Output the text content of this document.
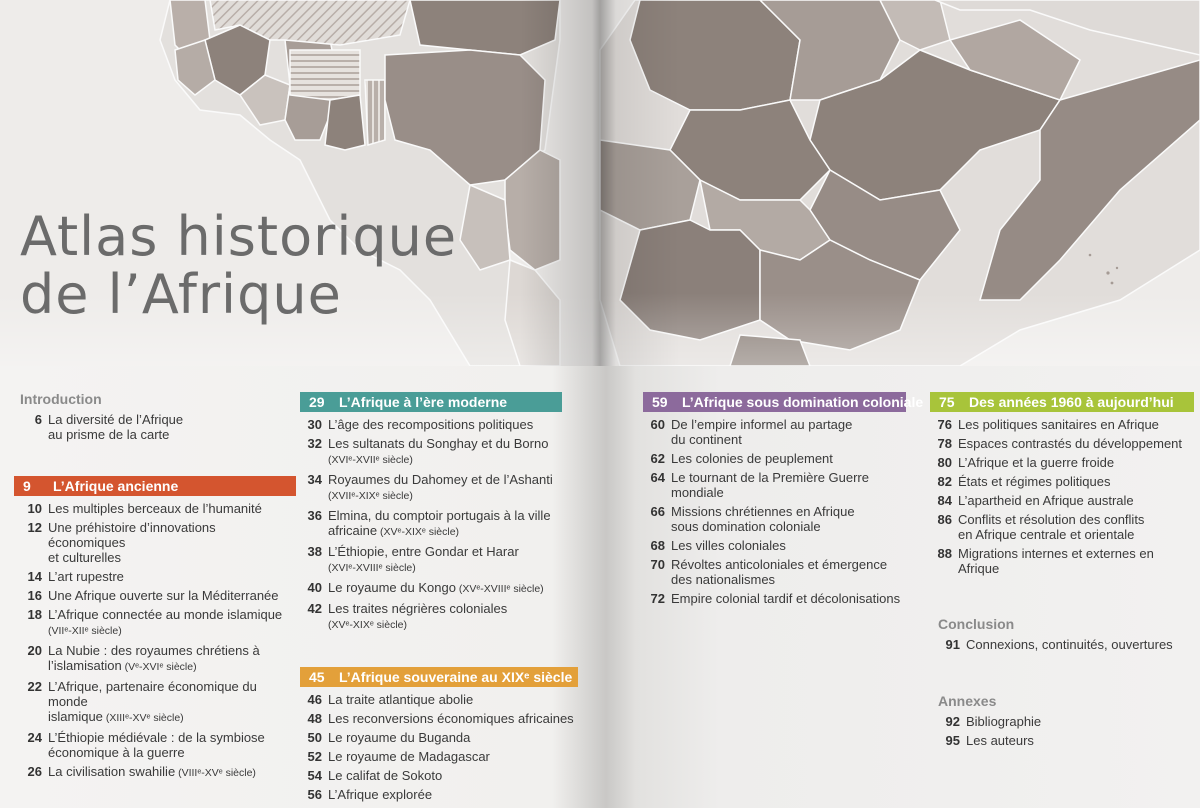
Atlas historique
de l’Afrique
Introduction
6 La diversité de l’Afrique
au prisme de la carte
9 L’Afrique ancienne
10 Les multiples berceaux de l’humanité
12 Une préhistoire d’innovations économiques
et culturelles
14 L’art rupestre
16 Une Afrique ouverte sur la Méditerranée
18 L’Afrique connectée au monde islamique
(VIIᵉ-XIIᵉ siècle)
20 La Nubie : des royaumes chrétiens à
l’islamisation (Vᵉ-XVIᵉ siècle)
22 L’Afrique, partenaire économique du monde
islamique (XIIIᵉ-XVᵉ siècle)
24 L’Éthiopie médiévale : de la symbiose
économique à la guerre
26 La civilisation swahilie (VIIIᵉ-XVᵉ siècle)
29 L’Afrique à l’ère moderne
30 L’âge des recompositions politiques
32 Les sultanats du Songhay et du Borno
(XVIᵉ-XVIIᵉ siècle)
34 Royaumes du Dahomey et de l’Ashanti
(XVIIᵉ-XIXᵉ siècle)
36 Elmina, du comptoir portugais à la ville
africaine (XVᵉ-XIXᵉ siècle)
38 L’Éthiopie, entre Gondar et Harar
(XVIᵉ-XVIIIᵉ siècle)
40 Le royaume du Kongo (XVᵉ-XVIIIᵉ siècle)
42 Les traites négrières coloniales
(XVᵉ-XIXᵉ siècle)
45 L’Afrique souveraine au XIXᵉ siècle
46 La traite atlantique abolie
48 Les reconversions économiques africaines
50 Le royaume du Buganda
52 Le royaume de Madagascar
54 Le califat de Sokoto
56 L’Afrique explorée
59 L’Afrique sous domination coloniale
60 De l’empire informel au partage
du continent
62 Les colonies de peuplement
64 Le tournant de la Première Guerre mondiale
66 Missions chrétiennes en Afrique
sous domination coloniale
68 Les villes coloniales
70 Révoltes anticoloniales et émergence
des nationalismes
72 Empire colonial tardif et décolonisations
75 Des années 1960 à aujourd’hui
76 Les politiques sanitaires en Afrique
78 Espaces contrastés du développement
80 L’Afrique et la guerre froide
82 États et régimes politiques
84 L’apartheid en Afrique australe
86 Conflits et résolution des conflits
en Afrique centrale et orientale
88 Migrations internes et externes en Afrique
Conclusion
91 Connexions, continuités, ouvertures
Annexes
92 Bibliographie
95 Les auteurs
